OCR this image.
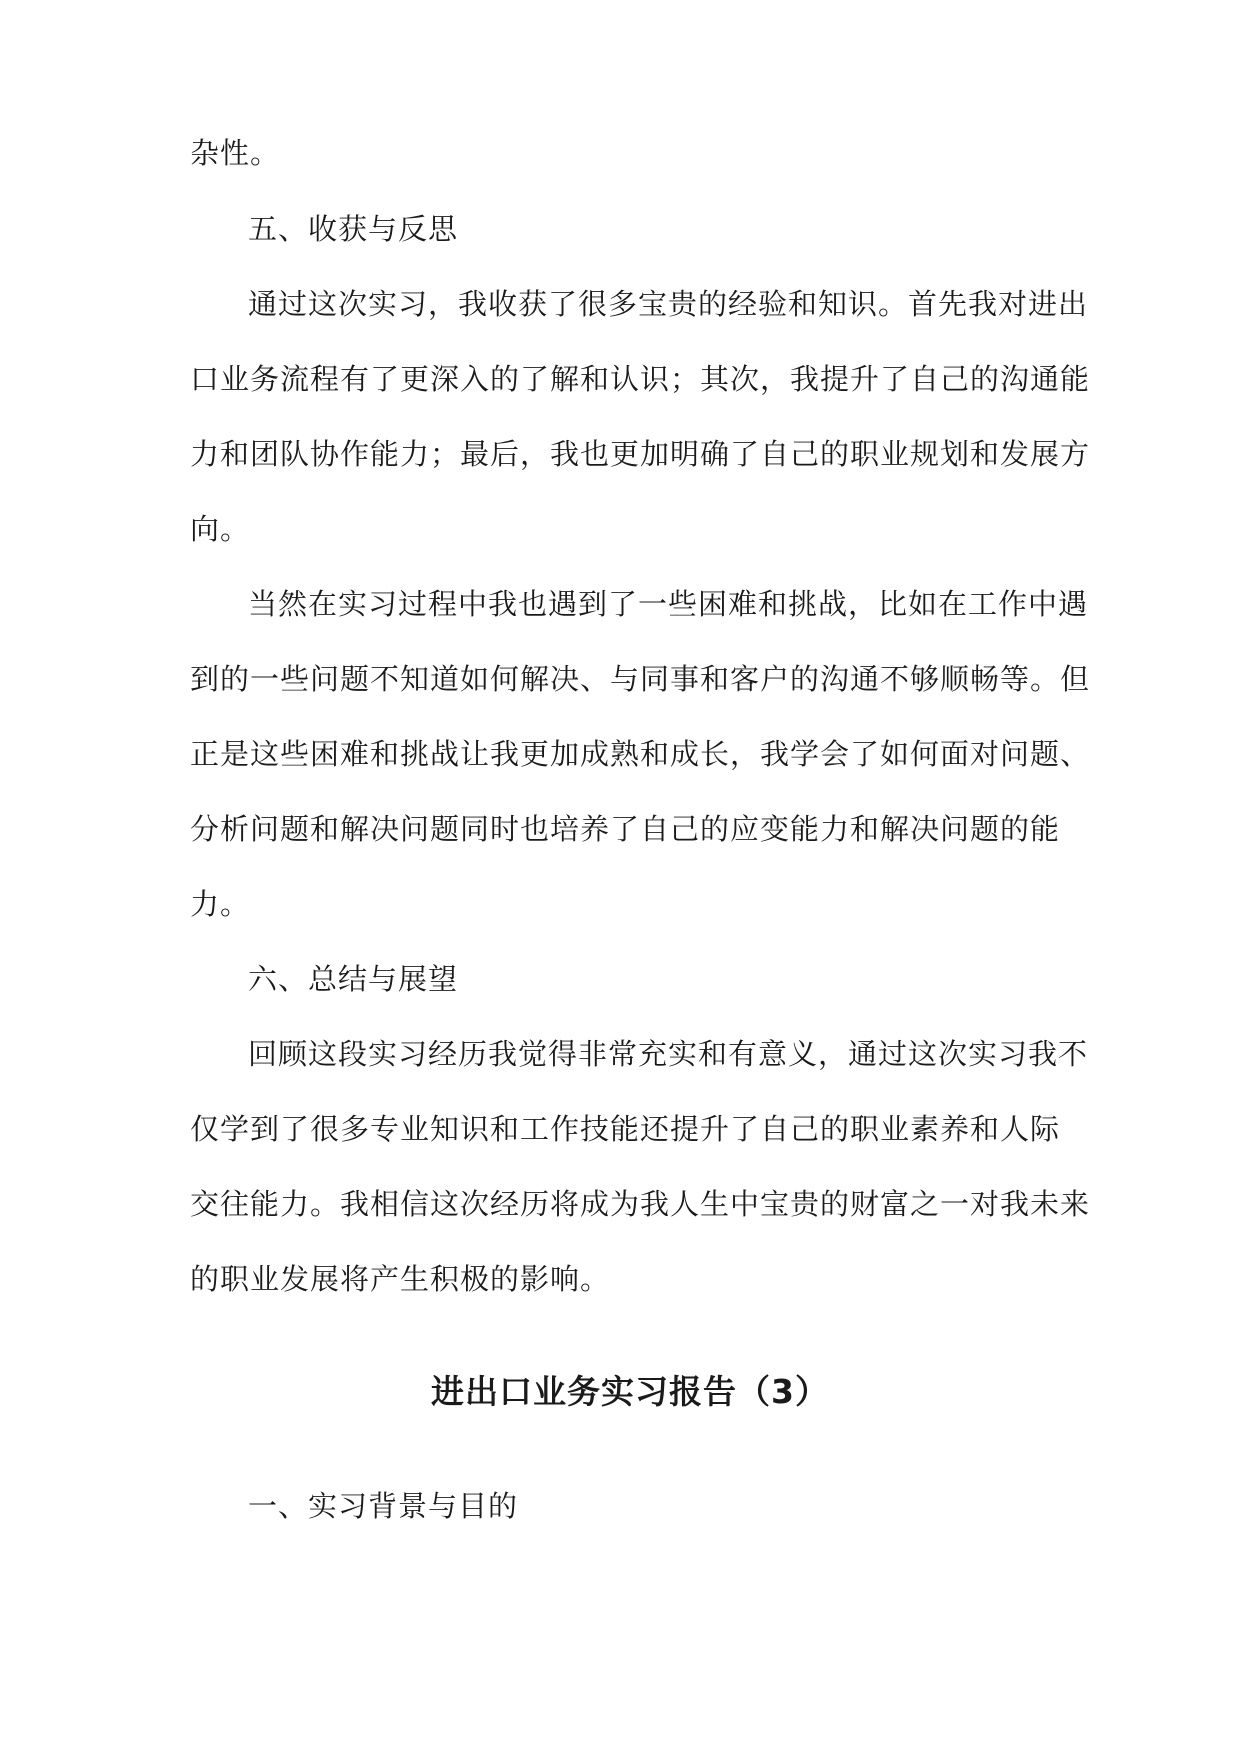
杂性。
五、收获与反思
通过这次实习，我收获了很多宝贵的经验和知识。首先我对进出
口业务流程有了更深入的了解和认识；其次，我提升了自己的沟通能
力和团队协作能力；最后，我也更加明确了自己的职业规划和发展方
向。
当然在实习过程中我也遇到了一些困难和挑战，比如在工作中遇
到的一些问题不知道如何解决、与同事和客户的沟通不够顺畅等。但
正是这些困难和挑战让我更加成熟和成长，我学会了如何面对问题、
分析问题和解决问题同时也培养了自己的应变能力和解决问题的能
力。
六、总结与展望
回顾这段实习经历我觉得非常充实和有意义，通过这次实习我不
仅学到了很多专业知识和工作技能还提升了自己的职业素养和人际
交往能力。我相信这次经历将成为我人生中宝贵的财富之一对我未来
的职业发展将产生积极的影响。
进出口业务实习报告（3）
一、实习背景与目的
